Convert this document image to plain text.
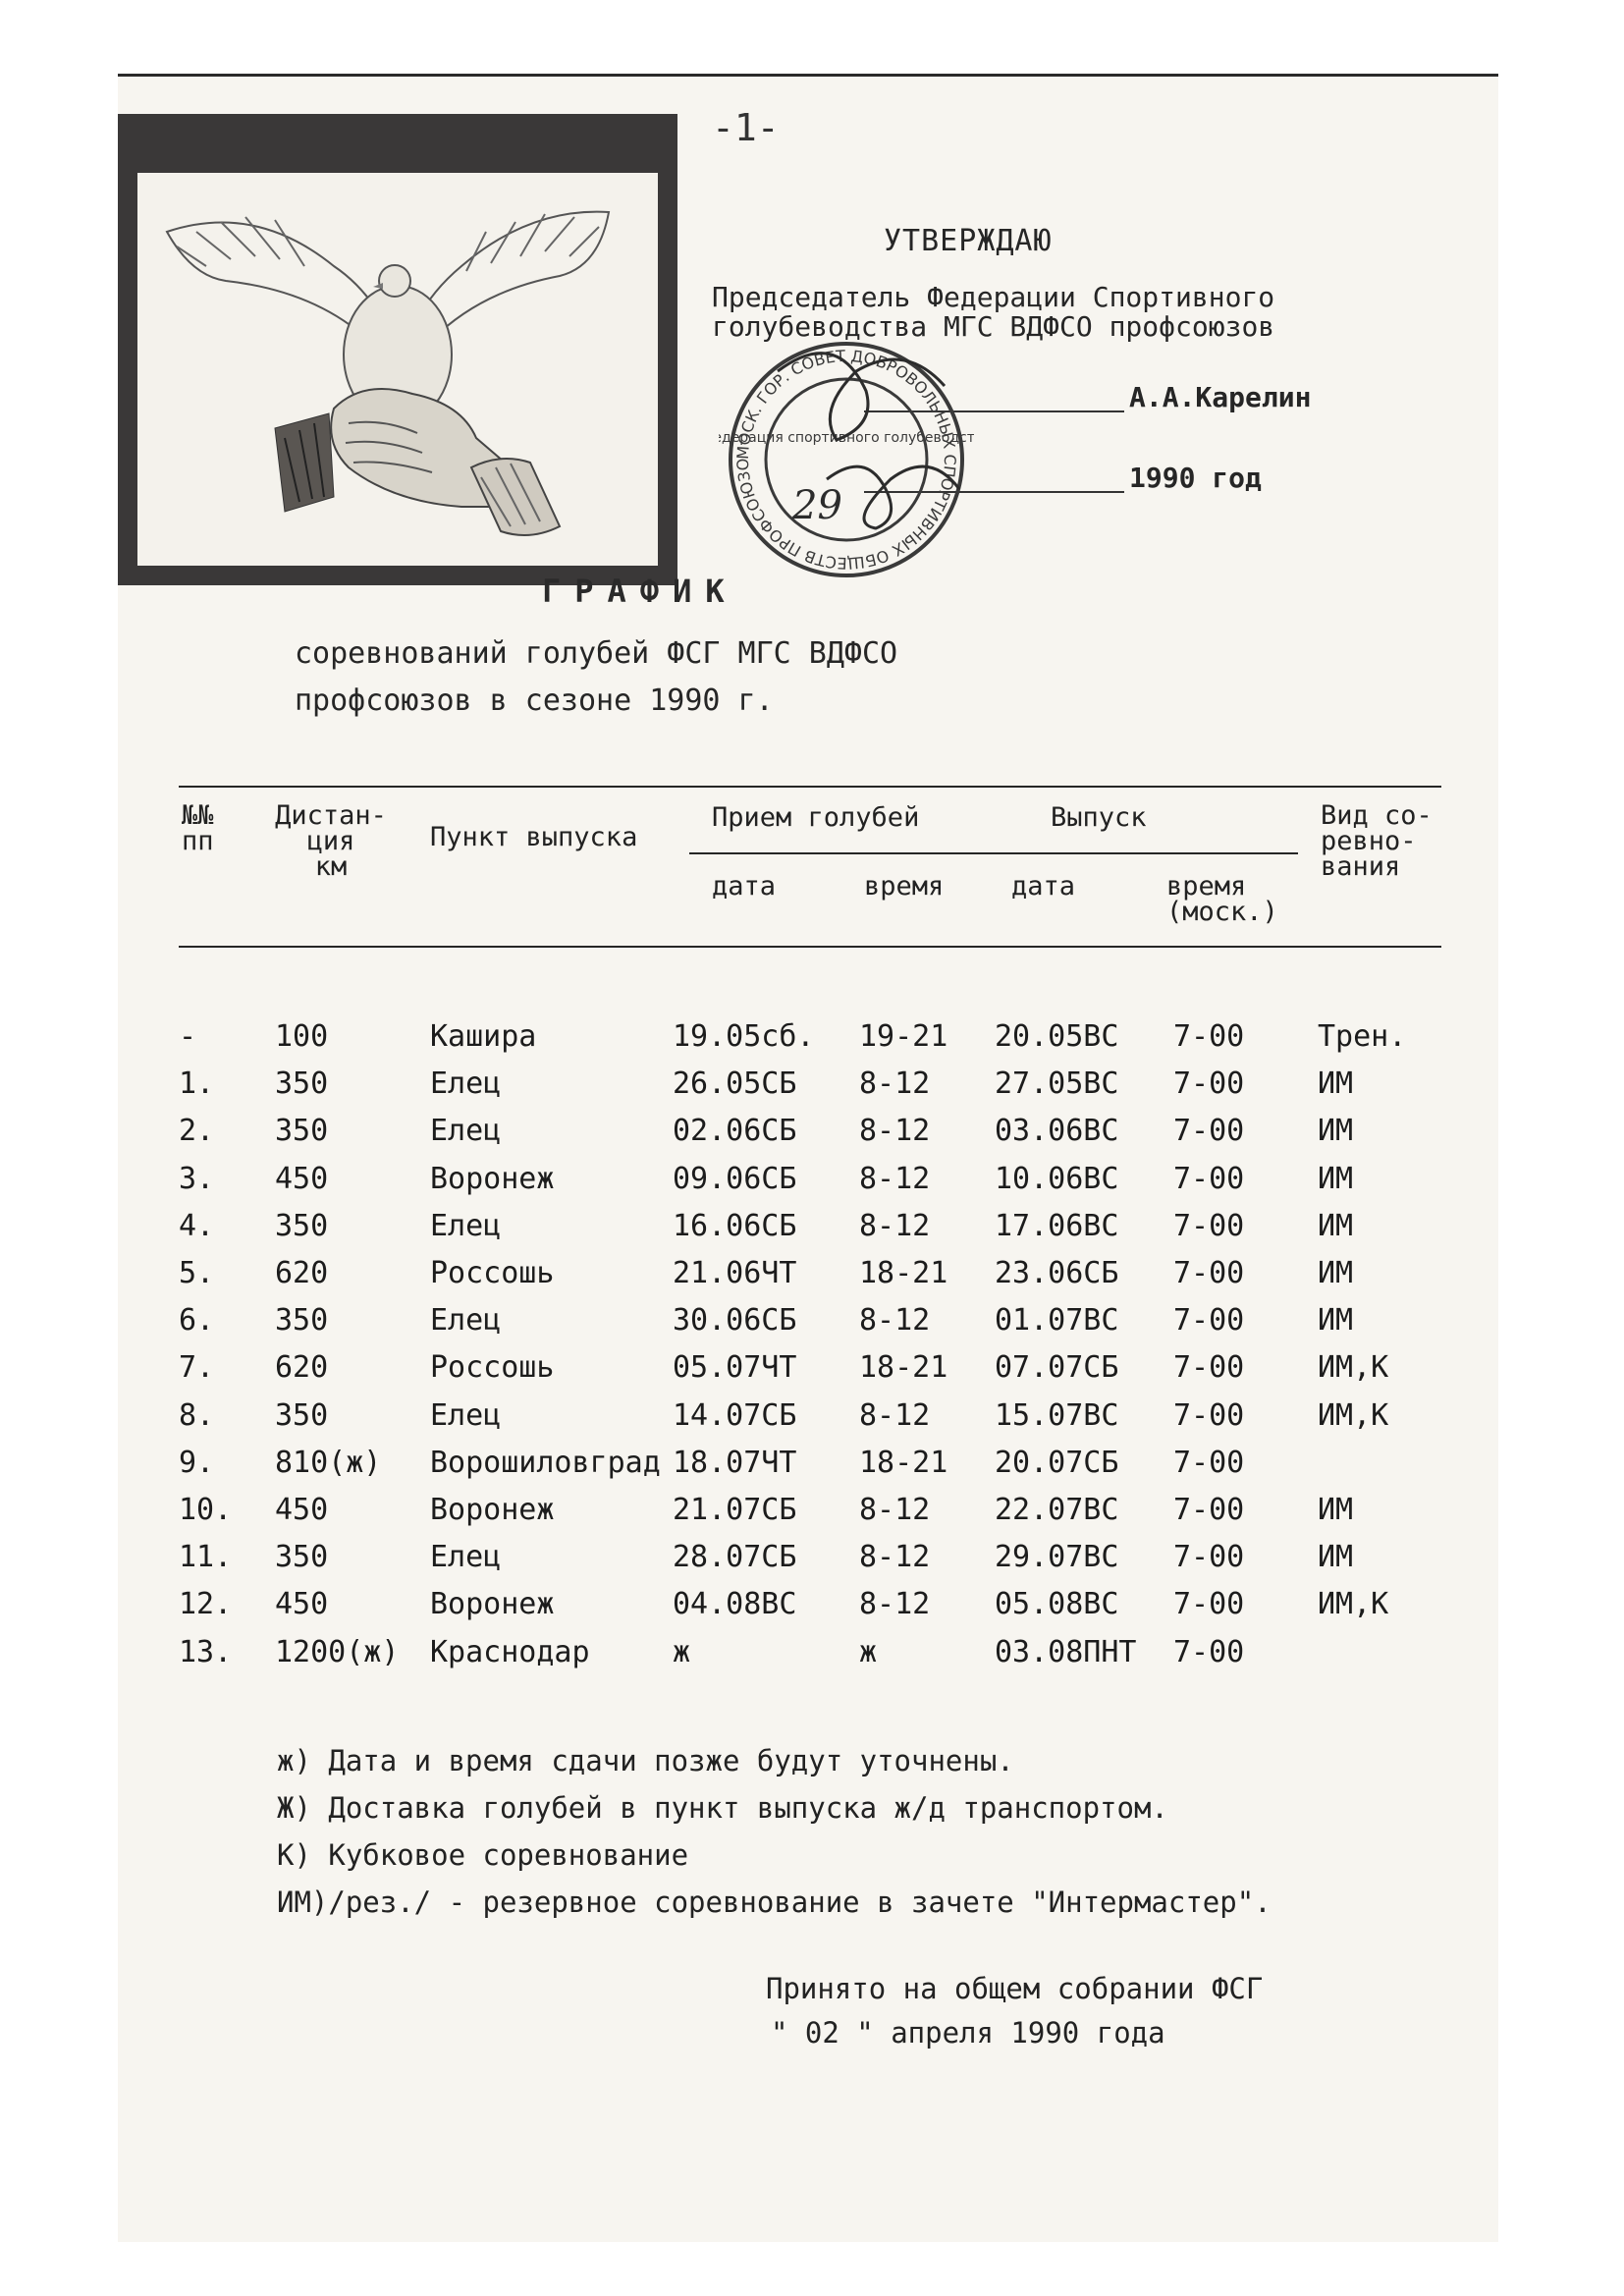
-1-
УТВЕРЖДАЮ
Председатель Федерации Спортивного
голубеводства МГС ВДФСО профсоюзов
А.А.Карелин
1990 год
МОСК. ГОР. СОВЕТ ДОБРОВОЛЬНЫХ СПОРТИВНЫХ ОБЩЕСТВ ПРОФСОЮЗО
дерация спортивного голубеводст
29
ГРАФИК
соревнований голубей ФСГ МГС ВДФСО
профсоюзов в сезоне 1990 г.
№№
пп
Дистан-
ция
км
Пункт выпуска
Прием голубей	Выпуск	Вид со-
ревно-
вания
дата	время	дата	время
(моск.)
-	100	Кашира	19.05сб. 19-21 20.05ВС 7-00 Трен.
1. 350	Елец	26.05СБ 8-12 27.05ВС 7-00 ИМ
2. 350	Елец	02.06СБ 8-12 03.06ВС 7-00 ИМ
3. 450	Воронеж	09.06СБ 8-12 10.06ВС 7-00 ИМ
4. 350	Елец	16.06СБ 8-12 17.06ВС 7-00 ИМ
5. 620	Россошь	21.06ЧТ 18-21 23.06СБ 7-00 ИМ
6. 350	Елец	30.06СБ 8-12 01.07ВС 7-00 ИМ
7. 620	Россошь	05.07ЧТ 18-21 07.07СБ 7-00 ИМ,К
8. 350	Елец	14.07СБ 8-12 15.07ВС 7-00 ИМ,К
9. 810(ж) Ворошиловград 18.07ЧТ 18-21 20.07СБ 7-00
10. 450	Воронеж	21.07СБ 8-12 22.07ВС 7-00 ИМ
11. 350	Елец	28.07СБ 8-12 29.07ВС 7-00 ИМ
12. 450	Воронеж	04.08ВС 8-12 05.08ВС 7-00 ИМ,К
13. 1200(ж) Краснодар	ж	ж	03.08ПНТ 7-00
ж) Дата и время сдачи позже будут уточнены.
Ж) Доставка голубей в пункт выпуска ж/д транспортом.
К) Кубковое соревнование
ИМ)/рез./ - резервное соревнование в зачете "Интермастер".
Принято на общем собрании ФСГ
" 02 " апреля 1990 года
